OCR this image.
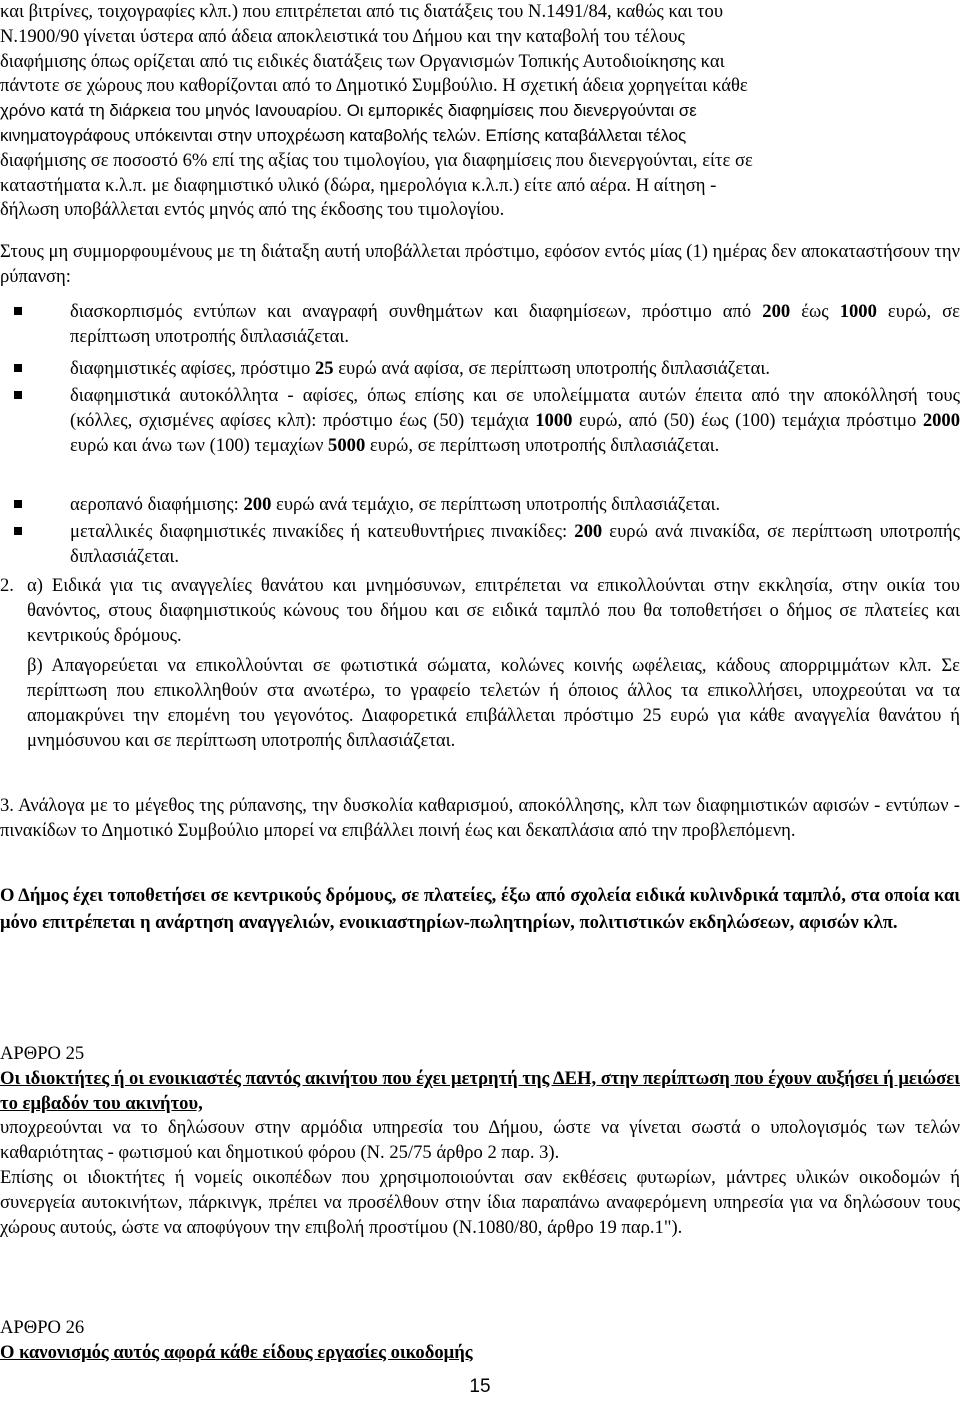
και βιτρίνες, τοιχογραφίες κλπ.) που επιτρέπεται από τις διατάξεις του Ν.1491/84, καθώς και του
Ν.1900/90 γίνεται ύστερα από άδεια αποκλειστικά του Δήμου και την καταβολή του τέλους
διαφήμισης όπως ορίζεται από τις ειδικές διατάξεις των Οργανισμών Τοπικής Αυτοδιοίκησης και
πάντοτε σε χώρους που καθορίζονται από το Δημοτικό Συμβούλιο. Η σχετική άδεια χορηγείται κάθε
χρόνο κατά τη διάρκεια του μηνός Ιανουαρίου. Οι εμπορικές διαφημίσεις που διενεργούνται σε
κινηματογράφους υπόκεινται στην υποχρέωση καταβολής τελών. Επίσης καταβάλλεται τέλος
διαφήμισης σε ποσοστό 6% επί της αξίας του τιμολογίου, για διαφημίσεις που διενεργούνται, είτε σε
καταστήματα κ.λ.π. με διαφημιστικό υλικό (δώρα, ημερολόγια κ.λ.π.) είτε από αέρα. Η αίτηση -
δήλωση υποβάλλεται εντός μηνός από της έκδοσης του τιμολογίου.
Στους μη συμμορφουμένους με τη διάταξη αυτή υποβάλλεται πρόστιμο, εφόσον εντός μίας (1) ημέρας δεν αποκαταστήσουν την ρύπανση:
διασκορπισμός εντύπων και αναγραφή συνθημάτων και διαφημίσεων, πρόστιμο από 200 έως 1000 ευρώ, σε περίπτωση υποτροπής διπλασιάζεται.
διαφημιστικές αφίσες, πρόστιμο 25 ευρώ ανά αφίσα, σε περίπτωση υποτροπής διπλασιάζεται.
διαφημιστικά αυτοκόλλητα - αφίσες, όπως επίσης και σε υπολείμματα αυτών έπειτα από την αποκόλλησή τους (κόλλες, σχισμένες αφίσες κλπ): πρόστιμο έως (50) τεμάχια 1000 ευρώ, από (50) έως (100) τεμάχια πρόστιμο 2000 ευρώ και άνω των (100) τεμαχίων 5000 ευρώ, σε περίπτωση υποτροπής διπλασιάζεται.
αεροπανό διαφήμισης: 200 ευρώ ανά τεμάχιο, σε περίπτωση υποτροπής διπλασιάζεται.
μεταλλικές διαφημιστικές πινακίδες ή κατευθυντήριες πινακίδες: 200 ευρώ ανά πινακίδα, σε περίπτωση υποτροπής διπλασιάζεται.
2. α) Ειδικά για τις αναγγελίες θανάτου και μνημόσυνων, επιτρέπεται να επικολλούνται στην εκκλησία, στην οικία του θανόντος, στους διαφημιστικούς κώνους του δήμου και σε ειδικά ταμπλό που θα τοποθετήσει ο δήμος σε πλατείες και κεντρικούς δρόμους.
β) Απαγορεύεται να επικολλούνται σε φωτιστικά σώματα, κολώνες κοινής ωφέλειας, κάδους απορριμμάτων κλπ. Σε περίπτωση που επικολληθούν στα ανωτέρω, το γραφείο τελετών ή όποιος άλλος τα επικολλήσει, υποχρεούται να τα απομακρύνει την επομένη του γεγονότος. Διαφορετικά επιβάλλεται πρόστιμο 25 ευρώ για κάθε αναγγελία θανάτου ή μνημόσυνου και σε περίπτωση υποτροπής διπλασιάζεται.
3. Ανάλογα με το μέγεθος της ρύπανσης, την δυσκολία καθαρισμού, αποκόλλησης, κλπ των διαφημιστικών αφισών - εντύπων - πινακίδων το Δημοτικό Συμβούλιο μπορεί να επιβάλλει ποινή έως και δεκαπλάσια από την προβλεπόμενη.
Ο Δήμος έχει τοποθετήσει σε κεντρικούς δρόμους, σε πλατείες, έξω από σχολεία ειδικά κυλινδρικά ταμπλό, στα οποία και μόνο επιτρέπεται η ανάρτηση αναγγελιών, ενοικιαστηρίων-πωλητηρίων, πολιτιστικών εκδηλώσεων, αφισών κλπ.
ΑΡΘΡΟ 25
Οι ιδιοκτήτες ή οι ενοικιαστές παντός ακινήτου που έχει μετρητή της ΔΕΗ, στην περίπτωση που έχουν αυξήσει ή μειώσει το εμβαδόν του ακινήτου,
υποχρεούνται να το δηλώσουν στην αρμόδια υπηρεσία του Δήμου, ώστε να γίνεται σωστά ο υπολογισμός των τελών καθαριότητας - φωτισμού και δημοτικού φόρου (Ν. 25/75 άρθρο 2 παρ. 3).
Επίσης οι ιδιοκτήτες ή νομείς οικοπέδων που χρησιμοποιούνται σαν εκθέσεις φυτωρίων, μάντρες υλικών οικοδομών ή συνεργεία αυτοκινήτων, πάρκινγκ, πρέπει να προσέλθουν στην ίδια παραπάνω αναφερόμενη υπηρεσία για να δηλώσουν τους χώρους αυτούς, ώστε να αποφύγουν την επιβολή προστίμου (Ν.1080/80, άρθρο 19 παρ.1").
ΑΡΘΡΟ 26
Ο κανονισμός αυτός αφορά κάθε είδους εργασίες οικοδομής
15
